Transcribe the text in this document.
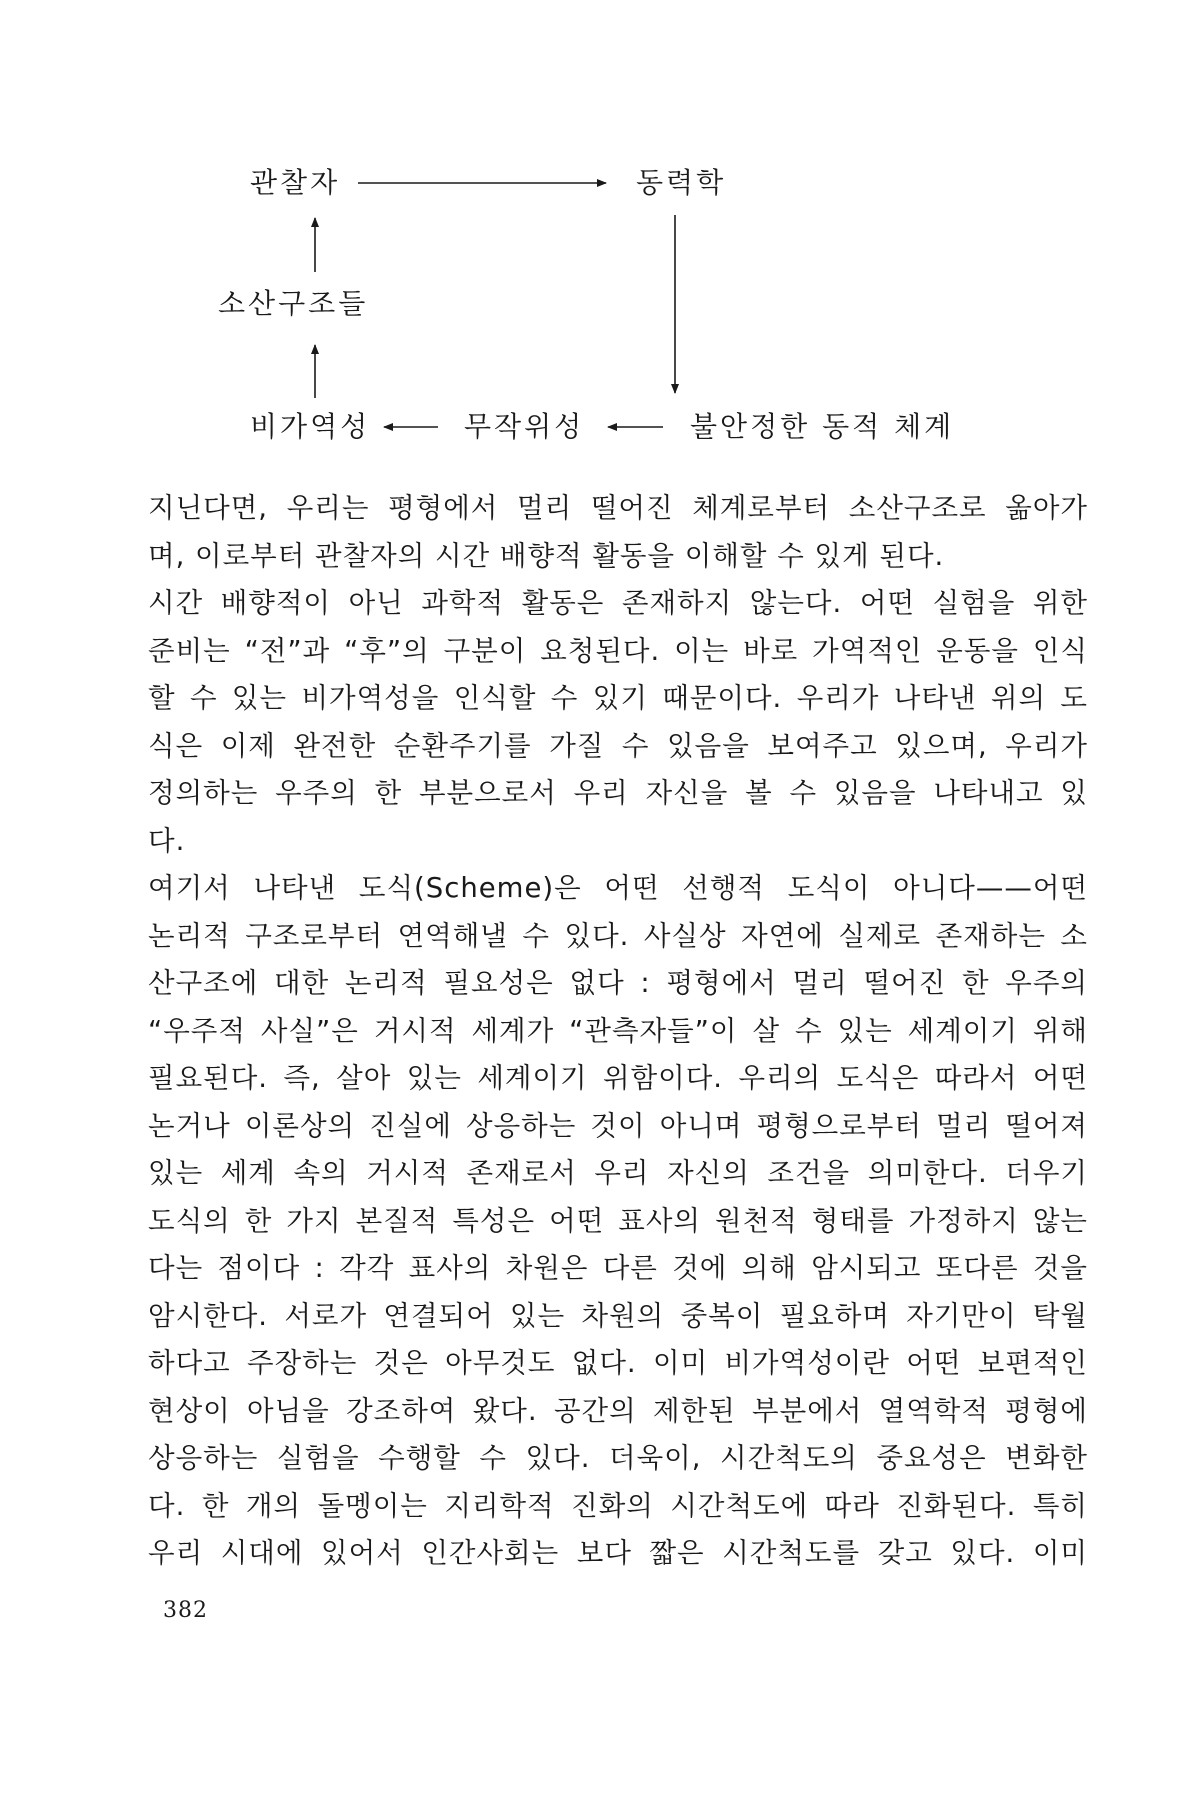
관찰자	동력학
소산구조들
비가역성	무작위성	불안정한 동적 체계
지닌다면, 우리는 평형에서 멀리 떨어진 체계로부터 소산구조로 옮아가
며, 이로부터 관찰자의 시간 배향적 활동을 이해할 수 있게 된다.
시간 배향적이 아닌 과학적 활동은 존재하지 않는다. 어떤 실험을 위한
준비는 “전”과 “후”의 구분이 요청된다. 이는 바로 가역적인 운동을 인식
할 수 있는 비가역성을 인식할 수 있기 때문이다. 우리가 나타낸 위의 도
식은 이제 완전한 순환주기를 가질 수 있음을 보여주고 있으며, 우리가
정의하는 우주의 한 부분으로서 우리 자신을 볼 수 있음을 나타내고 있
다.
여기서 나타낸 도식(Scheme)은 어떤 선행적 도식이 아니다——어떤
논리적 구조로부터 연역해낼 수 있다. 사실상 자연에 실제로 존재하는 소
산구조에 대한 논리적 필요성은 없다 : 평형에서 멀리 떨어진 한 우주의
“우주적 사실”은 거시적 세계가 “관측자들”이 살 수 있는 세계이기 위해
필요된다. 즉, 살아 있는 세계이기 위함이다. 우리의 도식은 따라서 어떤
논거나 이론상의 진실에 상응하는 것이 아니며 평형으로부터 멀리 떨어져
있는 세계 속의 거시적 존재로서 우리 자신의 조건을 의미한다. 더우기
도식의 한 가지 본질적 특성은 어떤 표사의 원천적 형태를 가정하지 않는
다는 점이다 : 각각 표사의 차원은 다른 것에 의해 암시되고 또다른 것을
암시한다. 서로가 연결되어 있는 차원의 중복이 필요하며 자기만이 탁월
하다고 주장하는 것은 아무것도 없다. 이미 비가역성이란 어떤 보편적인
현상이 아님을 강조하여 왔다. 공간의 제한된 부분에서 열역학적 평형에
상응하는 실험을 수행할 수 있다. 더욱이, 시간척도의 중요성은 변화한
다. 한 개의 돌멩이는 지리학적 진화의 시간척도에 따라 진화된다. 특히
우리 시대에 있어서 인간사회는 보다 짧은 시간척도를 갖고 있다. 이미
382
